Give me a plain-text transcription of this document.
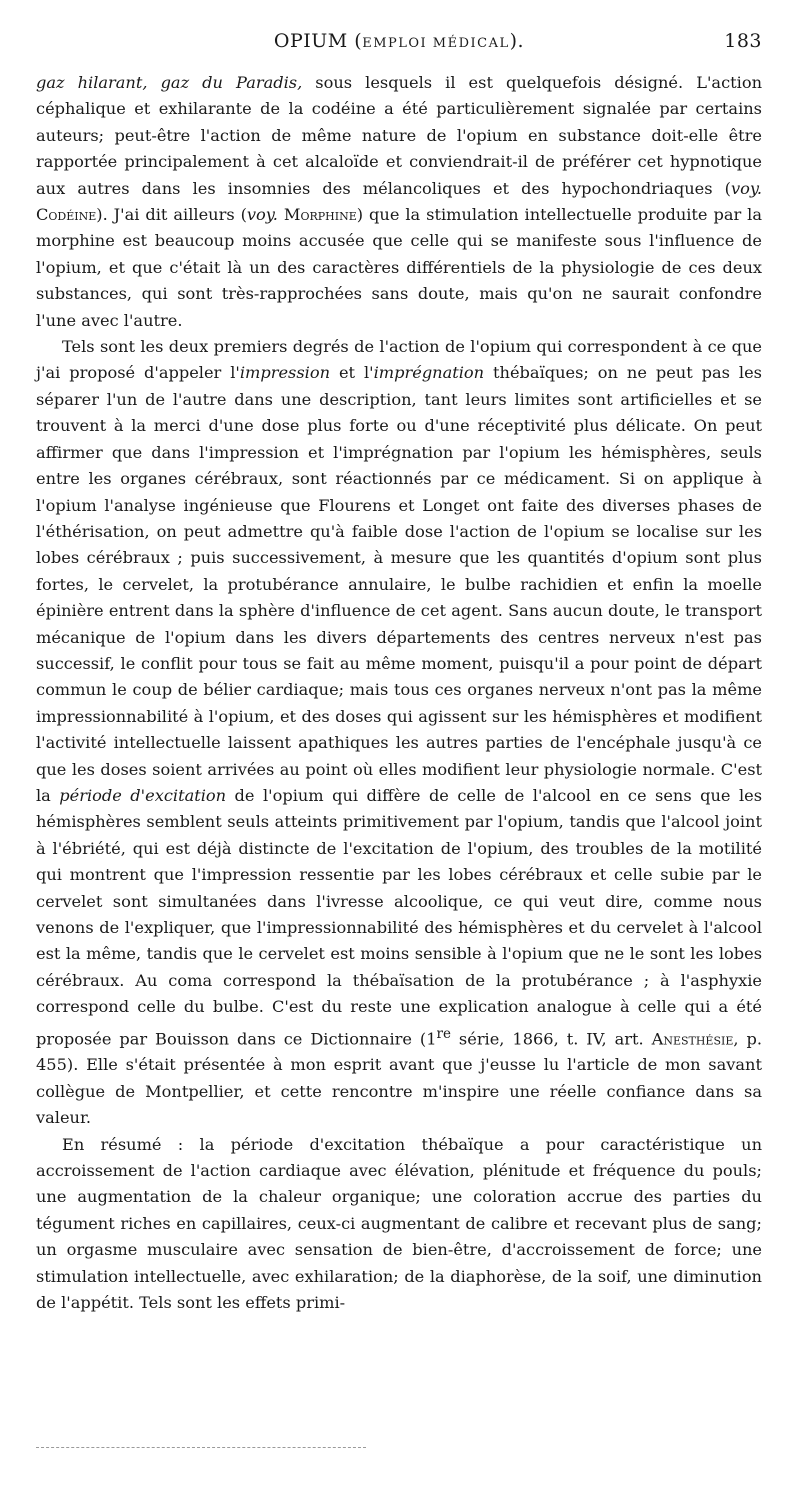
OPIUM (EMPLOI MÉDICAL).	183

gaz hilarant, gaz du Paradis, sous lesquels il est quelquefois désigné. L'action céphalique et exhilarante de la codéine a été particulièrement signalée par certains auteurs; peut-être l'action de même nature de l'opium en substance doit-elle être rapportée principalement à cet alcaloïde et conviendrait-il de préférer cet hypnotique aux autres dans les insomnies des mélancoliques et des hypochondriaques (voy. Codéine). J'ai dit ailleurs (voy. Morphine) que la stimulation intellectuelle produite par la morphine est beaucoup moins accusée que celle qui se manifeste sous l'influence de l'opium, et que c'était là un des caractères différentiels de la physiologie de ces deux substances, qui sont très-rapprochées sans doute, mais qu'on ne saurait confondre l'une avec l'autre.

Tels sont les deux premiers degrés de l'action de l'opium qui correspondent à ce que j'ai proposé d'appeler l'impression et l'imprégnation thébaïques; on ne peut pas les séparer l'un de l'autre dans une description, tant leurs limites sont artificielles et se trouvent à la merci d'une dose plus forte ou d'une réceptivité plus délicate. On peut affirmer que dans l'impression et l'imprégnation par l'opium les hémisphères, seuls entre les organes cérébraux, sont réactionnés par ce médicament. Si on applique à l'opium l'analyse ingénieuse que Flourens et Longet ont faite des diverses phases de l'éthérisation, on peut admettre qu'à faible dose l'action de l'opium se localise sur les lobes cérébraux ; puis successivement, à mesure que les quantités d'opium sont plus fortes, le cervelet, la protubérance annulaire, le bulbe rachidien et enfin la moelle épinière entrent dans la sphère d'influence de cet agent. Sans aucun doute, le transport mécanique de l'opium dans les divers départements des centres nerveux n'est pas successif, le conflit pour tous se fait au même moment, puisqu'il a pour point de départ commun le coup de bélier cardiaque; mais tous ces organes nerveux n'ont pas la même impressionnabilité à l'opium, et des doses qui agissent sur les hémisphères et modifient l'activité intellectuelle laissent apathiques les autres parties de l'encéphale jusqu'à ce que les doses soient arrivées au point où elles modifient leur physiologie normale. C'est la période d'excitation de l'opium qui diffère de celle de l'alcool en ce sens que les hémisphères semblent seuls atteints primitivement par l'opium, tandis que l'alcool joint à l'ébriété, qui est déjà distincte de l'excitation de l'opium, des troubles de la motilité qui montrent que l'impression ressentie par les lobes cérébraux et celle subie par le cervelet sont simultanées dans l'ivresse alcoolique, ce qui veut dire, comme nous venons de l'expliquer, que l'impressionnabilité des hémisphères et du cervelet à l'alcool est la même, tandis que le cervelet est moins sensible à l'opium que ne le sont les lobes cérébraux. Au coma correspond la thébaïsation de la protubérance ; à l'asphyxie correspond celle du bulbe. C'est du reste une explication analogue à celle qui a été proposée par Bouisson dans ce Dictionnaire (1re série, 1866, t. IV, art. Anesthésie, p. 455). Elle s'était présentée à mon esprit avant que j'eusse lu l'article de mon savant collègue de Montpellier, et cette rencontre m'inspire une réelle confiance dans sa valeur.

En résumé : la période d'excitation thébaïque a pour caractéristique un accroissement de l'action cardiaque avec élévation, plénitude et fréquence du pouls; une augmentation de la chaleur organique; une coloration accrue des parties du tégument riches en capillaires, ceux-ci augmentant de calibre et recevant plus de sang; un orgasme musculaire avec sensation de bien-être, d'accroissement de force; une stimulation intellectuelle, avec exhilaration; de la diaphorèse, de la soif, une diminution de l'appétit. Tels sont les effets primi-
